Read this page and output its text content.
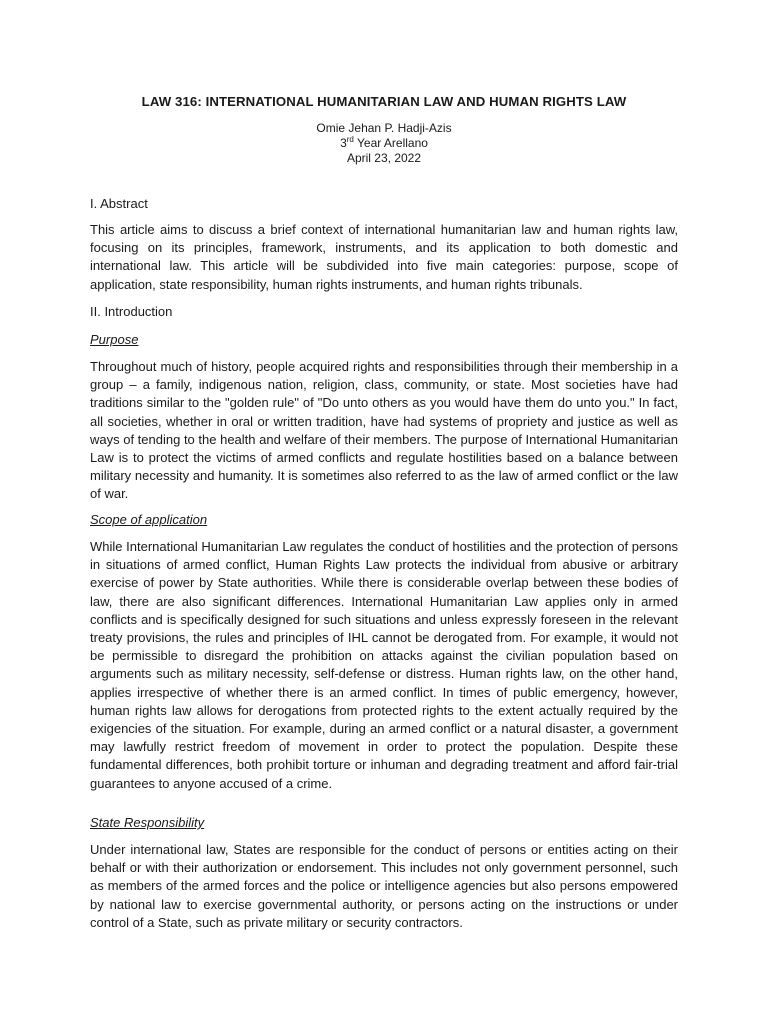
LAW 316: INTERNATIONAL HUMANITARIAN LAW AND HUMAN RIGHTS LAW
Omie Jehan P. Hadji-Azis
3rd Year Arellano
April 23, 2022
I. Abstract
This article aims to discuss a brief context of international humanitarian law and human rights law, focusing on its principles, framework, instruments, and its application to both domestic and international law. This article will be subdivided into five main categories: purpose, scope of application, state responsibility, human rights instruments, and human rights tribunals.
II. Introduction
Purpose
Throughout much of history, people acquired rights and responsibilities through their membership in a group – a family, indigenous nation, religion, class, community, or state. Most societies have had traditions similar to the "golden rule" of "Do unto others as you would have them do unto you." In fact, all societies, whether in oral or written tradition, have had systems of propriety and justice as well as ways of tending to the health and welfare of their members. The purpose of International Humanitarian Law is to protect the victims of armed conflicts and regulate hostilities based on a balance between military necessity and humanity. It is sometimes also referred to as the law of armed conflict or the law of war.
Scope of application
While International Humanitarian Law regulates the conduct of hostilities and the protection of persons in situations of armed conflict, Human Rights Law protects the individual from abusive or arbitrary exercise of power by State authorities. While there is considerable overlap between these bodies of law, there are also significant differences. International Humanitarian Law applies only in armed conflicts and is specifically designed for such situations and unless expressly foreseen in the relevant treaty provisions, the rules and principles of IHL cannot be derogated from. For example, it would not be permissible to disregard the prohibition on attacks against the civilian population based on arguments such as military necessity, self-defense or distress. Human rights law, on the other hand, applies irrespective of whether there is an armed conflict. In times of public emergency, however, human rights law allows for derogations from protected rights to the extent actually required by the exigencies of the situation. For example, during an armed conflict or a natural disaster, a government may lawfully restrict freedom of movement in order to protect the population. Despite these fundamental differences, both prohibit torture or inhuman and degrading treatment and afford fair-trial guarantees to anyone accused of a crime.
State Responsibility
Under international law, States are responsible for the conduct of persons or entities acting on their behalf or with their authorization or endorsement. This includes not only government personnel, such as members of the armed forces and the police or intelligence agencies but also persons empowered by national law to exercise governmental authority, or persons acting on the instructions or under control of a State, such as private military or security contractors.
